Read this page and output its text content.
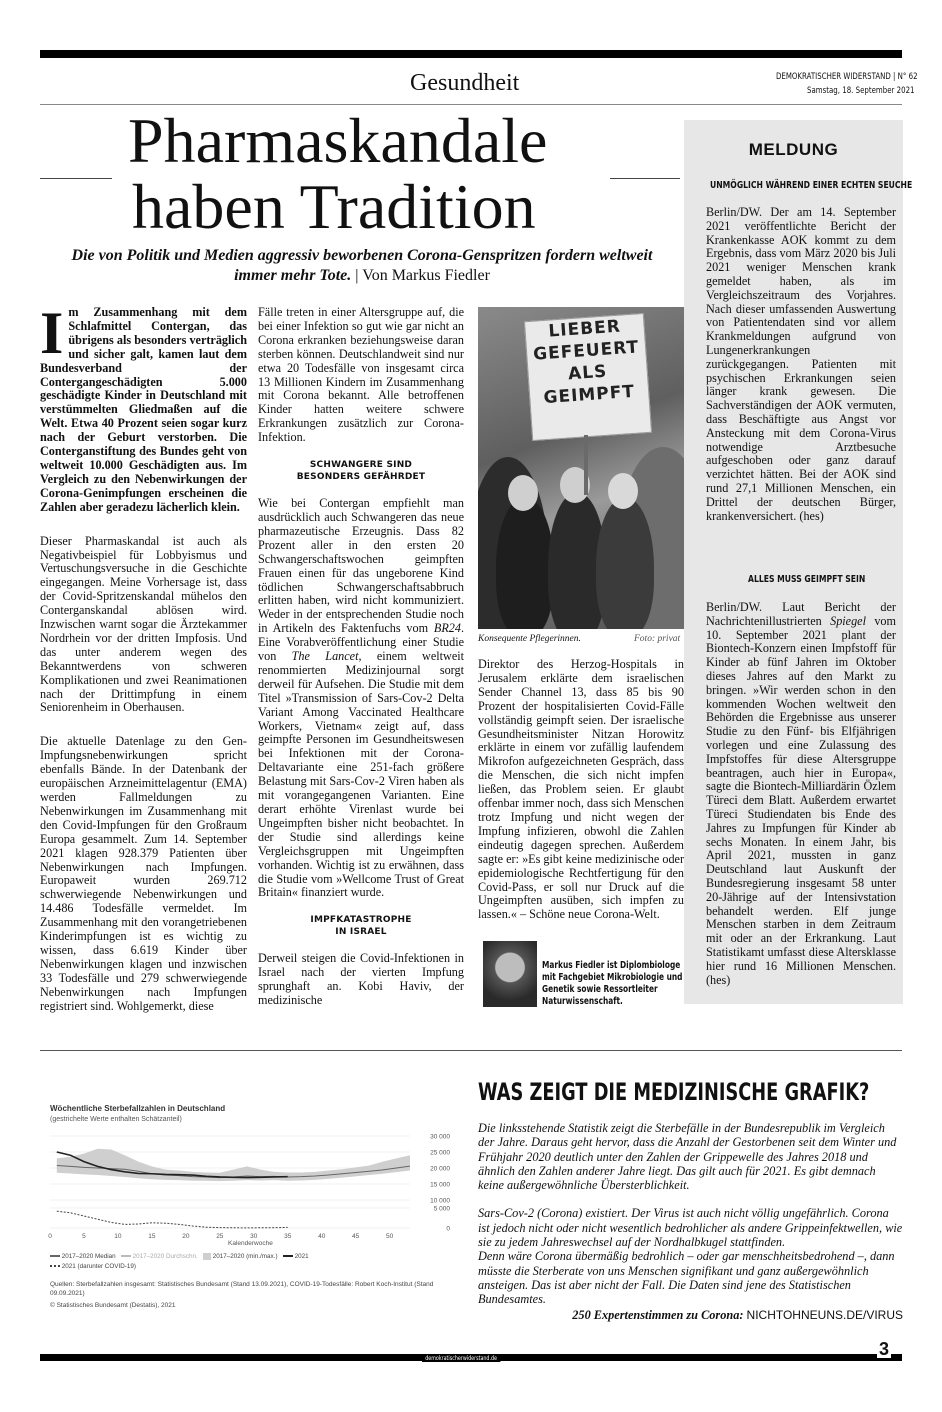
Gesundheit	DEMOKRATISCHER WIDERSTAND | N° 62
Samstag, 18. September 2021
Pharmaskandale
haben Tradition
Die von Politik und Medien aggressiv beworbenen Corona-Genspritzen fordern weltweit immer mehr Tote. | Von Markus Fiedler

Im Zusammenhang mit dem Schlafmittel Contergan, das übrigens als besonders verträglich und sicher galt, kamen laut dem Bundesverband der Contergangeschädigten 5.000 geschädigte Kinder in Deutschland mit verstümmelten Gliedmaßen auf die Welt. Etwa 40 Prozent seien sogar kurz nach der Geburt verstorben. Die Conterganstiftung des Bundes geht von weltweit 10.000 Geschädigten aus. Im Vergleich zu den Nebenwirkungen der Corona-Genimpfungen erscheinen die Zahlen aber geradezu lächerlich klein.

Dieser Pharmaskandal ist auch als Negativbeispiel für Lobbyismus und Vertuschungsversuche in die Geschichte eingegangen. Meine Vorhersage ist, dass der Covid-Spritzenskandal mühelos den Conterganskandal ablösen wird. Inzwischen warnt sogar die Ärztekammer Nordrhein vor der dritten Impfosis. Und das unter anderem wegen des Bekanntwerdens von schweren Komplikationen und zwei Reanimationen nach der Drittimpfung in einem Seniorenheim in Oberhausen.

Die aktuelle Datenlage zu den Gen-Impfungsnebenwirkungen spricht ebenfalls Bände. In der Datenbank der europäischen Arzneimittelagentur (EMA) werden Fallmeldungen zu Nebenwirkungen im Zusammenhang mit den Covid-Impfungen für den Großraum Europa gesammelt. Zum 14. September 2021 klagen 928.379 Patienten über Nebenwirkungen nach Impfungen. Europaweit wurden 269.712 schwerwiegende Nebenwirkungen und 14.486 Todesfälle vermeldet. Im Zusammenhang mit den vorangetriebenen Kinderimpfungen ist es wichtig zu wissen, dass 6.619 Kinder über Nebenwirkungen klagen und inzwischen 33 Todesfälle und 279 schwerwiegende Nebenwirkungen nach Impfungen registriert sind. Wohlgemerkt, diese

Fälle treten in einer Altersgruppe auf, die bei einer Infektion so gut wie gar nicht an Corona erkranken beziehungsweise daran sterben können. Deutschlandweit sind nur etwa 20 Todesfälle von insgesamt circa 13 Millionen Kindern im Zusammenhang mit Corona bekannt. Alle betroffenen Kinder hatten weitere schwere Erkrankungen zusätzlich zur Corona-Infektion.

SCHWANGERE SIND
BESONDERS GEFÄHRDET

Wie bei Contergan empfiehlt man ausdrücklich auch Schwangeren das neue pharmazeutische Erzeugnis. Dass 82 Prozent aller in den ersten 20 Schwangerschaftswochen geimpften Frauen einen für das ungeborene Kind tödlichen Schwangerschaftsabbruch erlitten haben, wird nicht kommuniziert. Weder in der entsprechenden Studie noch in Artikeln des Faktenfuchs vom BR24. Eine Vorabveröffentlichung einer Studie von The Lancet, einem weltweit renommierten Medizinjournal sorgt derweil für Aufsehen. Die Studie mit dem Titel »Transmission of Sars-Cov-2 Delta Variant Among Vaccinated Healthcare Workers, Vietnam« zeigt auf, dass geimpfte Personen im Gesundheitswesen bei Infektionen mit der Corona-Deltavariante eine 251-fach größere Belastung mit Sars-Cov-2 Viren haben als mit vorangegangenen Varianten. Eine derart erhöhte Virenlast wurde bei Ungeimpften bisher nicht beobachtet. In der Studie sind allerdings keine Vergleichsgruppen mit Ungeimpften vorhanden. Wichtig ist zu erwähnen, dass die Studie vom »Wellcome Trust of Great Britain« finanziert wurde.

IMPFKATASTROPHE
IN ISRAEL

Derweil steigen die Covid-Infektionen in Israel nach der vierten Impfung sprunghaft an. Kobi Haviv, der medizinische

LIEBER
GEFEUERT
ALS
GEIMPFT
Konsequente Pflegerinnen.	Foto: privat

Direktor des Herzog-Hospitals in Jerusalem erklärte dem israelischen Sender Channel 13, dass 85 bis 90 Prozent der hospitalisierten Covid-Fälle vollständig geimpft seien. Der israelische Gesundheitsminister Nitzan Horowitz erklärte in einem vor zufällig laufendem Mikrofon aufgezeichneten Gespräch, dass die Menschen, die sich nicht impfen ließen, das Problem seien. Er glaubt offenbar immer noch, dass sich Menschen trotz Impfung und nicht wegen der Impfung infizieren, obwohl die Zahlen eindeutig dagegen sprechen. Außerdem sagte er: »Es gibt keine medizinische oder epidemiologische Rechtfertigung für den Covid-Pass, er soll nur Druck auf die Ungeimpften ausüben, sich impfen zu lassen.« – Schöne neue Corona-Welt.

Markus Fiedler ist Diplombiologe mit Fachgebiet Mikrobiologie und Genetik sowie Ressortleiter Naturwissenschaft.
MELDUNG
UNMÖGLICH WÄHREND EINER ECHTEN SEUCHE
Berlin/DW. Der am 14. September 2021 veröffentlichte Bericht der Krankenkasse AOK kommt zu dem Ergebnis, dass vom März 2020 bis Juli 2021 weniger Menschen krank gemeldet haben, als im Vergleichszeitraum des Vorjahres. Nach dieser umfassenden Auswertung von Patientendaten sind vor allem Krankmeldungen aufgrund von Lungenerkrankungen zurückgegangen. Patienten mit psychischen Erkrankungen seien länger krank gewesen. Die Sachverständigen der AOK vermuten, dass Beschäftigte aus Angst vor Ansteckung mit dem Corona-Virus notwendige Arztbesuche aufgeschoben oder ganz darauf verzichtet hätten. Bei der AOK sind rund 27,1 Millionen Menschen, ein Drittel der deutschen Bürger, krankenversichert. (hes)
ALLES MUSS GEIMPFT SEIN
Berlin/DW. Laut Bericht der Nachrichtenillustrierten Spiegel vom 10. September 2021 plant der Biontech-Konzern einen Impfstoff für Kinder ab fünf Jahren im Oktober dieses Jahres auf den Markt zu bringen. »Wir werden schon in den kommenden Wochen weltweit den Behörden die Ergebnisse aus unserer Studie zu den Fünf- bis Elfjährigen vorlegen und eine Zulassung des Impfstoffes für diese Altersgruppe beantragen, auch hier in Europa«, sagte die Biontech-Milliardärin Özlem Türeci dem Blatt. Außerdem erwartet Türeci Studiendaten bis Ende des Jahres zu Impfungen für Kinder ab sechs Monaten. In einem Jahr, bis April 2021, mussten in ganz Deutschland laut Auskunft der Bundesregierung insgesamt 58 unter 20-Jährige auf der Intensivstation behandelt werden. Elf junge Menschen starben in dem Zeitraum mit oder an der Erkrankung. Laut Statistikamt umfasst diese Altersklasse hier rund 16 Millionen Menschen. (hes)
Wöchentliche Sterbefallzahlen in Deutschland
(gestrichelte Werte enthalten Schätzanteil)
30 000
25 000
20 000
15 000
10 000
5 000
0
0	5	10	15	20	25	30	35	40	45	50
Kalenderwoche
2017–2020 Median	2017–2020 Durchschn. 2017–2020 (min./max.)	2021
2021 (darunter COVID-19)
Quellen: Sterbefallzahlen insgesamt: Statistisches Bundesamt (Stand 13.09.2021), COVID-19-Todesfälle: Robert Koch-Institut (Stand 09.09.2021)
© Statistisches Bundesamt (Destatis), 2021
WAS ZEIGT DIE MEDIZINISCHE GRAFIK?

Die linksstehende Statistik zeigt die Sterbefälle in der Bundesrepublik im Vergleich der Jahre. Daraus geht hervor, dass die Anzahl der Gestorbenen seit dem Winter und Frühjahr 2020 deutlich unter den Zahlen der Grippewelle des Jahres 2018 und ähnlich den Zahlen anderer Jahre liegt. Das gilt auch für 2021. Es gibt demnach keine außergewöhnliche Übersterblichkeit.

Sars-Cov-2 (Corona) existiert. Der Virus ist auch nicht völlig ungefährlich. Corona ist jedoch nicht oder nicht wesentlich bedrohlicher als andere Grippeinfektwellen, wie sie zu jedem Jahreswechsel auf der Nordhalbkugel stattfinden.

Denn wäre Corona übermäßig bedrohlich – oder gar menschheitsbedrohend –, dann müsste die Sterberate von uns Menschen signifikant und ganz außergewöhnlich ansteigen. Das ist aber nicht der Fall. Die Daten sind jene des Statistischen Bundesamtes.

250 Expertenstimmen zu Corona: NICHTOHNEUNS.DE/VIRUS

demokratischerwiderstand.de	3
